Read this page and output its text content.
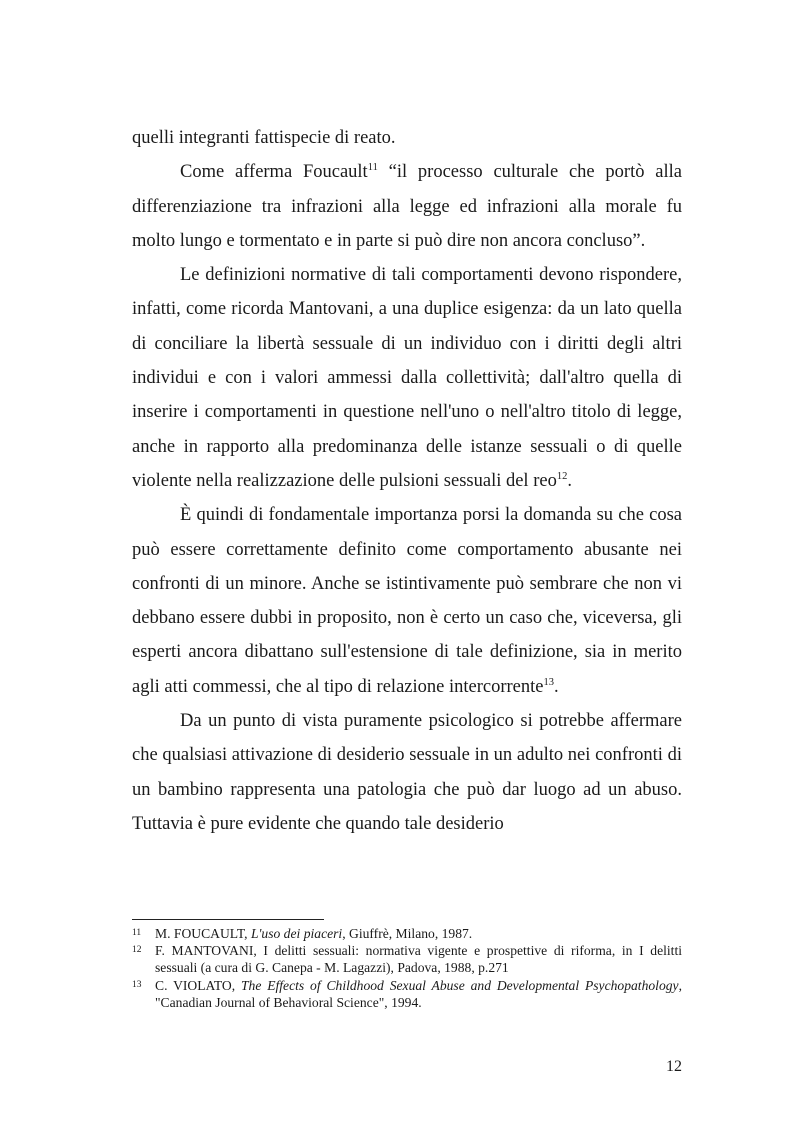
quelli integranti fattispecie di reato.

Come afferma Foucault$^{11}$ “il processo culturale che portò alla differenziazione tra infrazioni alla legge ed infrazioni alla morale fu molto lungo e tormentato e in parte si può dire non ancora concluso”.

Le definizioni normative di tali comportamenti devono rispondere, infatti, come ricorda Mantovani, a una duplice esigenza: da un lato quella di conciliare la libertà sessuale di un individuo con i diritti degli altri individui e con i valori ammessi dalla collettività; dall'altro quella di inserire i comportamenti in questione nell'uno o nell'altro titolo di legge, anche in rapporto alla predominanza delle istanze sessuali o di quelle violente nella realizzazione delle pulsioni sessuali del reo$^{12}$.

È quindi di fondamentale importanza porsi la domanda su che cosa può essere correttamente definito come comportamento abusante nei confronti di un minore. Anche se istintivamente può sembrare che non vi debbano essere dubbi in proposito, non è certo un caso che, viceversa, gli esperti ancora dibattano sull'estensione di tale definizione, sia in merito agli atti commessi, che al tipo di relazione intercorrente$^{13}$.

Da un punto di vista puramente psicologico si potrebbe affermare che qualsiasi attivazione di desiderio sessuale in un adulto nei confronti di un bambino rappresenta una patologia che può dar luogo ad un abuso. Tuttavia è pure evidente che quando tale desiderio

11 M. FOUCAULT, L'uso dei piaceri, Giuffrè, Milano, 1987.
12 F. MANTOVANI, I delitti sessuali: normativa vigente e prospettive di riforma, in I delitti sessuali (a cura di G. Canepa - M. Lagazzi), Padova, 1988, p.271
13 C. VIOLATO, The Effects of Childhood Sexual Abuse and Developmental Psychopathology, "Canadian Journal of Behavioral Science", 1994.
12
